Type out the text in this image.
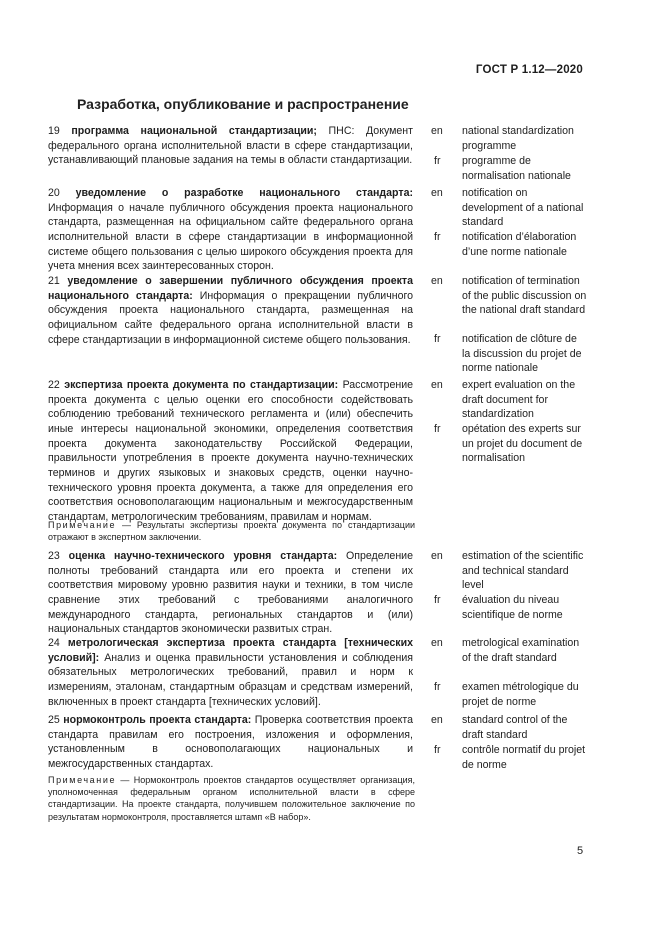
ГОСТ Р 1.12—2020
Разработка, опубликование и распространение
19 программа национальной стандартизации; ПНС: Документ федерального органа исполнительной власти в сфере стандартизации, устанавливающий плановые задания на темы в области стандартизации.
en	national standardization programme
fr	programme de normalisation nationale
20 уведомление о разработке национального стандарта: Информация о начале публичного обсуждения проекта национального стандарта, размещенная на официальном сайте федерального органа исполнительной власти в сфере стандартизации в информационной системе общего пользования с целью широкого обсуждения проекта для учета мнения всех заинтересованных сторон.
en	notification on development of a national standard
fr	notification d’élaboration d’une norme nationale
21 уведомление о завершении публичного обсуждения проекта национального стандарта: Информация о прекращении публичного обсуждения проекта национального стандарта, размещенная на официальном сайте федерального органа исполнительной власти в сфере стандартизации в информационной системе общего пользования.
en	notification of termination of the public discussion on the national draft standard
fr	notification de clôture de la discussion du projet de norme nationale
22 экспертиза проекта документа по стандартизации: Рассмотрение проекта документа с целью оценки его способности содействовать соблюдению требований технического регламента и (или) обеспечить иные интересы национальной экономики, определения соответствия проекта документа законодательству Российской Федерации, правильности употребления в проекте документа научно-технических терминов и других языковых и знаковых средств, оценки научно-технического уровня проекта документа, а также для определения его соответствия основополагающим национальным и межгосударственным стандартам, метрологическим требованиям, правилам и нормам.
en	expert evaluation on the draft document for standardization
fr	opétation des experts sur un projet du document de normalisation
Примечание — Результаты экспертизы проекта документа по стандартизации отражают в экспертном заключении.
23 оценка научно-технического уровня стандарта: Определение полноты требований стандарта или его проекта и степени их соответствия мировому уровню развития науки и техники, в том числе сравнение этих требований с требованиями аналогичного международного стандарта, региональных стандартов и (или) национальных стандартов экономически развитых стран.
en	estimation of the scientific and technical standard level
fr	évaluation du niveau scientifique de norme
24 метрологическая экспертиза проекта стандарта [технических условий]: Анализ и оценка правильности установления и соблюдения обязательных метрологических требований, правил и норм к измерениям, эталонам, стандартным образцам и средствам измерений, включенных в проект стандарта [технических условий].
en	metrological examination of the draft standard
fr	examen métrologique du projet de norme
25 нормоконтроль проекта стандарта: Проверка соответствия проекта стандарта правилам его построения, изложения и оформления, установленным в основополагающих национальных и межгосударственных стандартах.
en	standard control of the draft standard
fr	contrôle normatif du projet de norme
Примечание — Нормоконтроль проектов стандартов осуществляет организация, уполномоченная федеральным органом исполнительной власти в сфере стандартизации. На проекте стандарта, получившем положительное заключение по результатам нормоконтроля, проставляется штамп «В набор».
5
